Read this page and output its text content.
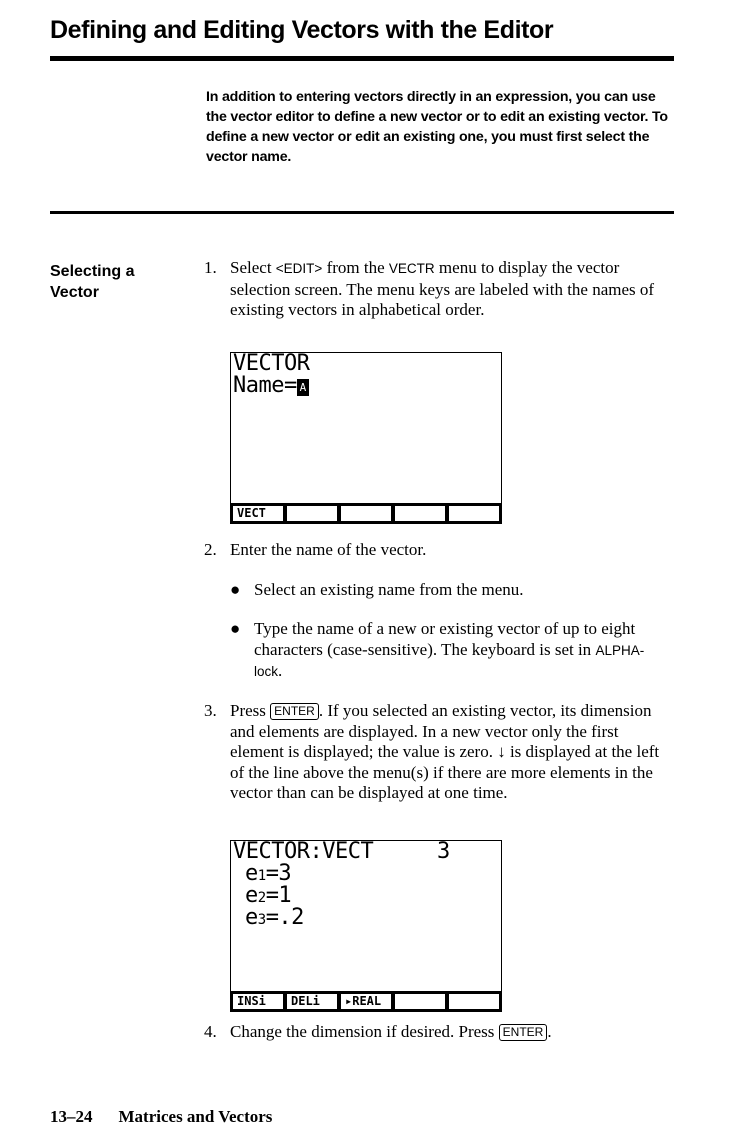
Defining and Editing Vectors with the Editor
In addition to entering vectors directly in an expression, you can use the vector editor to define a new vector or to edit an existing vector. To define a new vector or edit an existing one, you must first select the vector name.
Selecting a Vector
1. Select <EDIT> from the VECTR menu to display the vector selection screen. The menu keys are labeled with the names of existing vectors in alphabetical order.
VECTOR
Name= A
VECT
2. Enter the name of the vector.
● Select an existing name from the menu.
● Type the name of a new or existing vector of up to eight characters (case-sensitive). The keyboard is set in ALPHA-lock.
3. Press ENTER . If you selected an existing vector, its dimension and elements are displayed. In a new vector only the first element is displayed; the value is zero. ↓ is displayed at the left of the line above the menu(s) if there are more elements in the vector than can be displayed at one time.
VECTOR:VECT	3
e1=3
e2=1
e3=.2
INSi DELi ▸REAL
4. Change the dimension if desired. Press ENTER .
13–24 Matrices and Vectors
